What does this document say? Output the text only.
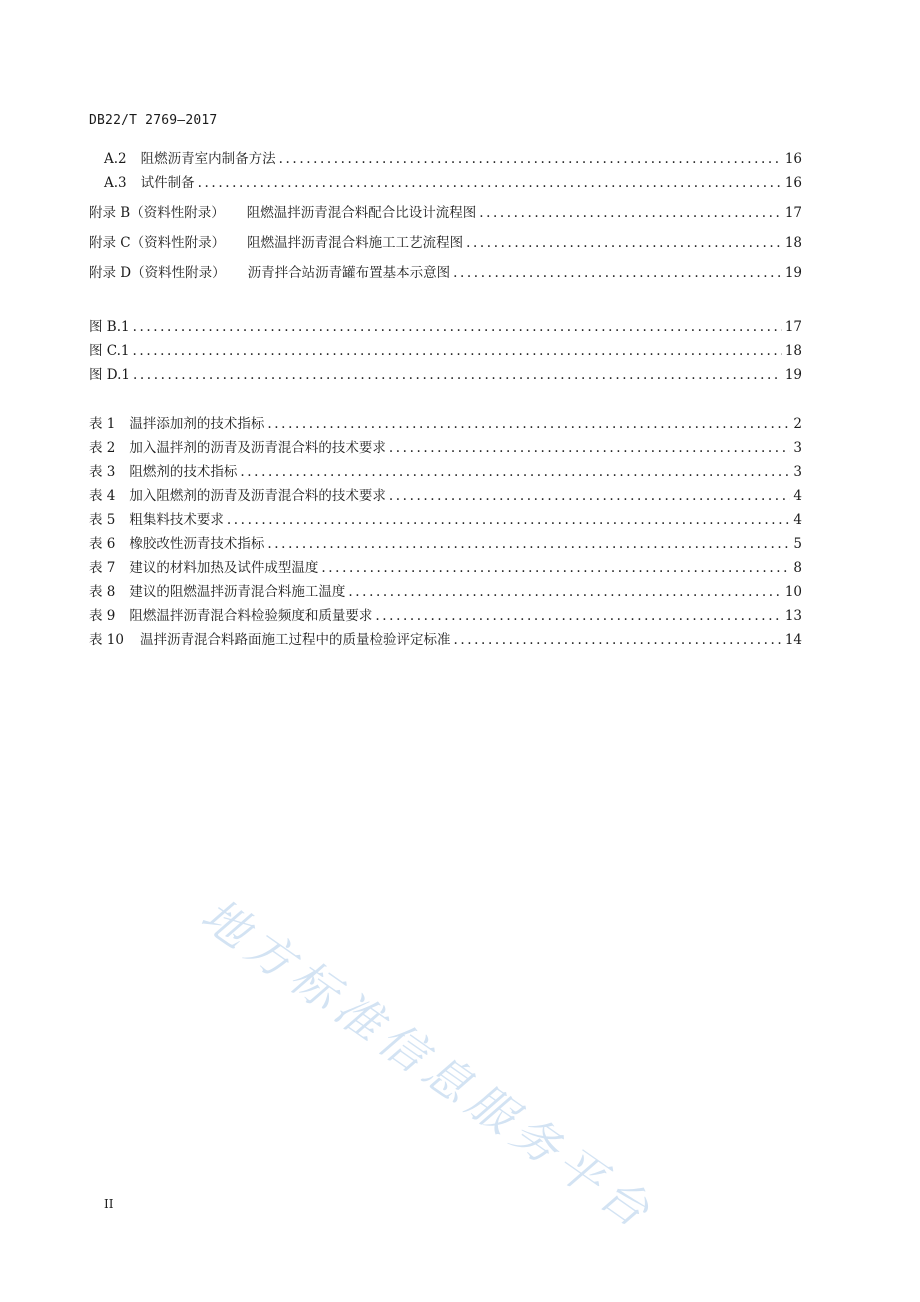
DB22/T 2769—2017
A.2 阻燃沥青室内制备方法 .....	16
A.3 试件制备 .....	16
附录 B（资料性附录） 阻燃温拌沥青混合料配合比设计流程图 .....	17
附录 C（资料性附录） 阻燃温拌沥青混合料施工工艺流程图 .....	18
附录 D（资料性附录） 沥青拌合站沥青罐布置基本示意图 .....	19
图 B.1 .....	17
图 C.1 .....	18
图 D.1 .....	19
表 1 温拌添加剂的技术指标 .....	2
表 2 加入温拌剂的沥青及沥青混合料的技术要求 .....	3
表 3 阻燃剂的技术指标 .....	3
表 4 加入阻燃剂的沥青及沥青混合料的技术要求 .....	4
表 5 粗集料技术要求 .....	4
表 6 橡胶改性沥青技术指标 .....	5
表 7 建议的材料加热及试件成型温度 .....	8
表 8 建议的阻燃温拌沥青混合料施工温度 .....	10
表 9 阻燃温拌沥青混合料检验频度和质量要求 .....	13
表 10 温拌沥青混合料路面施工过程中的质量检验评定标准 .....	14
地方标准信息服务平台
II
